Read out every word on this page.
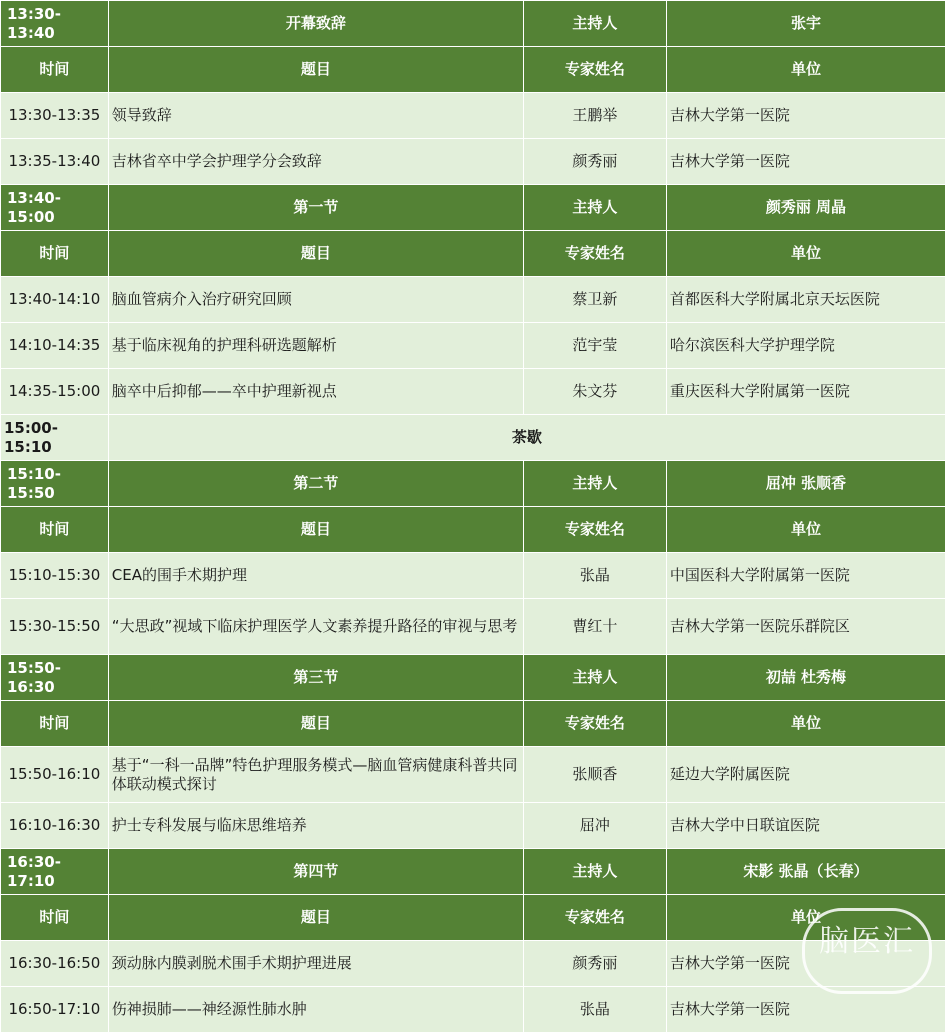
13:30-13:40	开幕致辞	主持人	张宇
时间	题目	专家姓名	单位
13:30-13:35	领导致辞	王鹏举	吉林大学第一医院
13:35-13:40	吉林省卒中学会护理学分会致辞	颜秀丽	吉林大学第一医院
13:40-15:00	第一节	主持人	颜秀丽 周晶
时间	题目	专家姓名	单位
13:40-14:10	脑血管病介入治疗研究回顾	蔡卫新	首都医科大学附属北京天坛医院
14:10-14:35	基于临床视角的护理科研选题解析	范宇莹	哈尔滨医科大学护理学院
14:35-15:00	脑卒中后抑郁——卒中护理新视点	朱文芬	重庆医科大学附属第一医院
15:00-15:10	茶歇		
15:10-15:50	第二节	主持人	屈冲 张顺香
时间	题目	专家姓名	单位
15:10-15:30	CEA的围手术期护理	张晶	中国医科大学附属第一医院
15:30-15:50	“大思政”视域下临床护理医学人文素养提升路径的审视与思考	曹红十	吉林大学第一医院乐群院区
15:50-16:30	第三节	主持人	初喆 杜秀梅
时间	题目	专家姓名	单位
15:50-16:10	基于“一科一品牌”特色护理服务模式—脑血管病健康科普共同体联动模式探讨	张顺香	延边大学附属医院
16:10-16:30	护士专科发展与临床思维培养	屈冲	吉林大学中日联谊医院
16:30-17:10	第四节	主持人	宋影 张晶（长春）
时间	题目	专家姓名	单位
16:30-16:50	颈动脉内膜剥脱术围手术期护理进展	颜秀丽	吉林大学第一医院
16:50-17:10	伤神损肺——神经源性肺水肿	张晶	吉林大学第一医院
脑医汇
